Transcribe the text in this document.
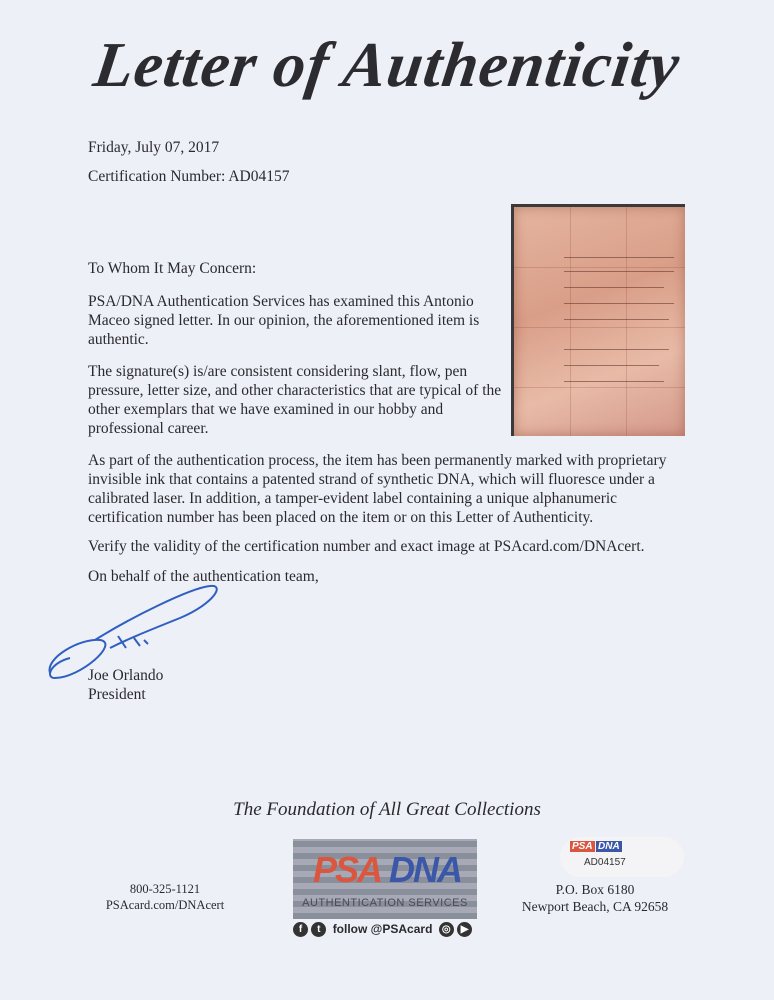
Letter of Authenticity
Friday, July 07, 2017
Certification Number: AD04157
To Whom It May Concern:

PSA/DNA Authentication Services has examined this Antonio Maceo signed letter. In our opinion, the aforementioned item is authentic.

The signature(s) is/are consistent considering slant, flow, pen pressure, letter size, and other characteristics that are typical of the other exemplars that we have examined in our hobby and professional career.

As part of the authentication process, the item has been permanently marked with proprietary invisible ink that contains a patented strand of synthetic DNA, which will fluoresce under a calibrated laser. In addition, a tamper-evident label containing a unique alphanumeric certification number has been placed on the item or on this Letter of Authenticity.

Verify the validity of the certification number and exact image at PSAcard.com/DNAcert.

On behalf of the authentication team,

Joe Orlando
President
The Foundation of All Great Collections
800-325-1121
PSAcard.com/DNAcert
PSA DNA
AUTHENTICATION SERVICES
f t follow @PSAcard ◎ ▶
PSA DNA
AD04157
P.O. Box 6180
Newport Beach, CA 92658
